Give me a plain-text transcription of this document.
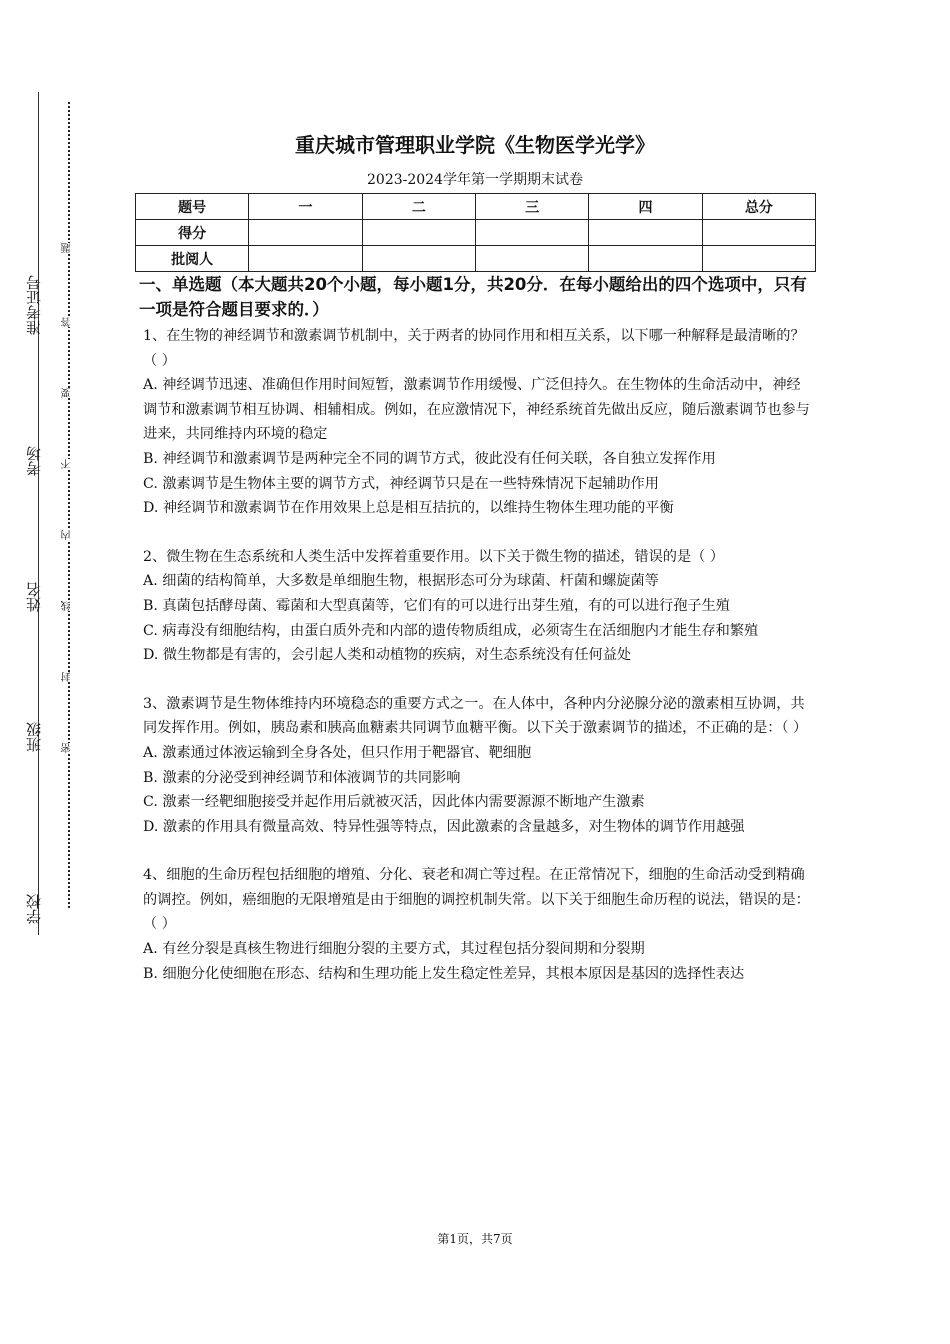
准考证号
考场
姓名
班级
学校
题
答
要
不
内
线
封
密
重庆城市管理职业学院《生物医学光学》
2023-2024学年第一学期期末试卷
题号	一	二	三	四	总分
得分					
批阅人					
一、单选题（本大题共20个小题，每小题1分，共20分．在每小题给出的四个选项中，只有一项是符合题目要求的．）

1、在生物的神经调节和激素调节机制中，关于两者的协同作用和相互关系，以下哪一种解释是最清晰的？（ ）

A. 神经调节迅速、准确但作用时间短暂，激素调节作用缓慢、广泛但持久。在生物体的生命活动中，神经调节和激素调节相互协调、相辅相成。例如，在应激情况下，神经系统首先做出反应，随后激素调节也参与进来，共同维持内环境的稳定

B. 神经调节和激素调节是两种完全不同的调节方式，彼此没有任何关联，各自独立发挥作用

C. 激素调节是生物体主要的调节方式，神经调节只是在一些特殊情况下起辅助作用

D. 神经调节和激素调节在作用效果上总是相互拮抗的，以维持生物体生理功能的平衡

2、微生物在生态系统和人类生活中发挥着重要作用。以下关于微生物的描述，错误的是（ ）

A. 细菌的结构简单，大多数是单细胞生物，根据形态可分为球菌、杆菌和螺旋菌等

B. 真菌包括酵母菌、霉菌和大型真菌等，它们有的可以进行出芽生殖，有的可以进行孢子生殖

C. 病毒没有细胞结构，由蛋白质外壳和内部的遗传物质组成，必须寄生在活细胞内才能生存和繁殖

D. 微生物都是有害的，会引起人类和动植物的疾病，对生态系统没有任何益处

3、激素调节是生物体维持内环境稳态的重要方式之一。在人体中，各种内分泌腺分泌的激素相互协调，共同发挥作用。例如，胰岛素和胰高血糖素共同调节血糖平衡。以下关于激素调节的描述，不正确的是：（ ）

A. 激素通过体液运输到全身各处，但只作用于靶器官、靶细胞

B. 激素的分泌受到神经调节和体液调节的共同影响

C. 激素一经靶细胞接受并起作用后就被灭活，因此体内需要源源不断地产生激素

D. 激素的作用具有微量高效、特异性强等特点，因此激素的含量越多，对生物体的调节作用越强

4、细胞的生命历程包括细胞的增殖、分化、衰老和凋亡等过程。在正常情况下，细胞的生命活动受到精确的调控。例如，癌细胞的无限增殖是由于细胞的调控机制失常。以下关于细胞生命历程的说法，错误的是：（ ）

A. 有丝分裂是真核生物进行细胞分裂的主要方式，其过程包括分裂间期和分裂期

B. 细胞分化使细胞在形态、结构和生理功能上发生稳定性差异，其根本原因是基因的选择性表达

第1页，共7页
